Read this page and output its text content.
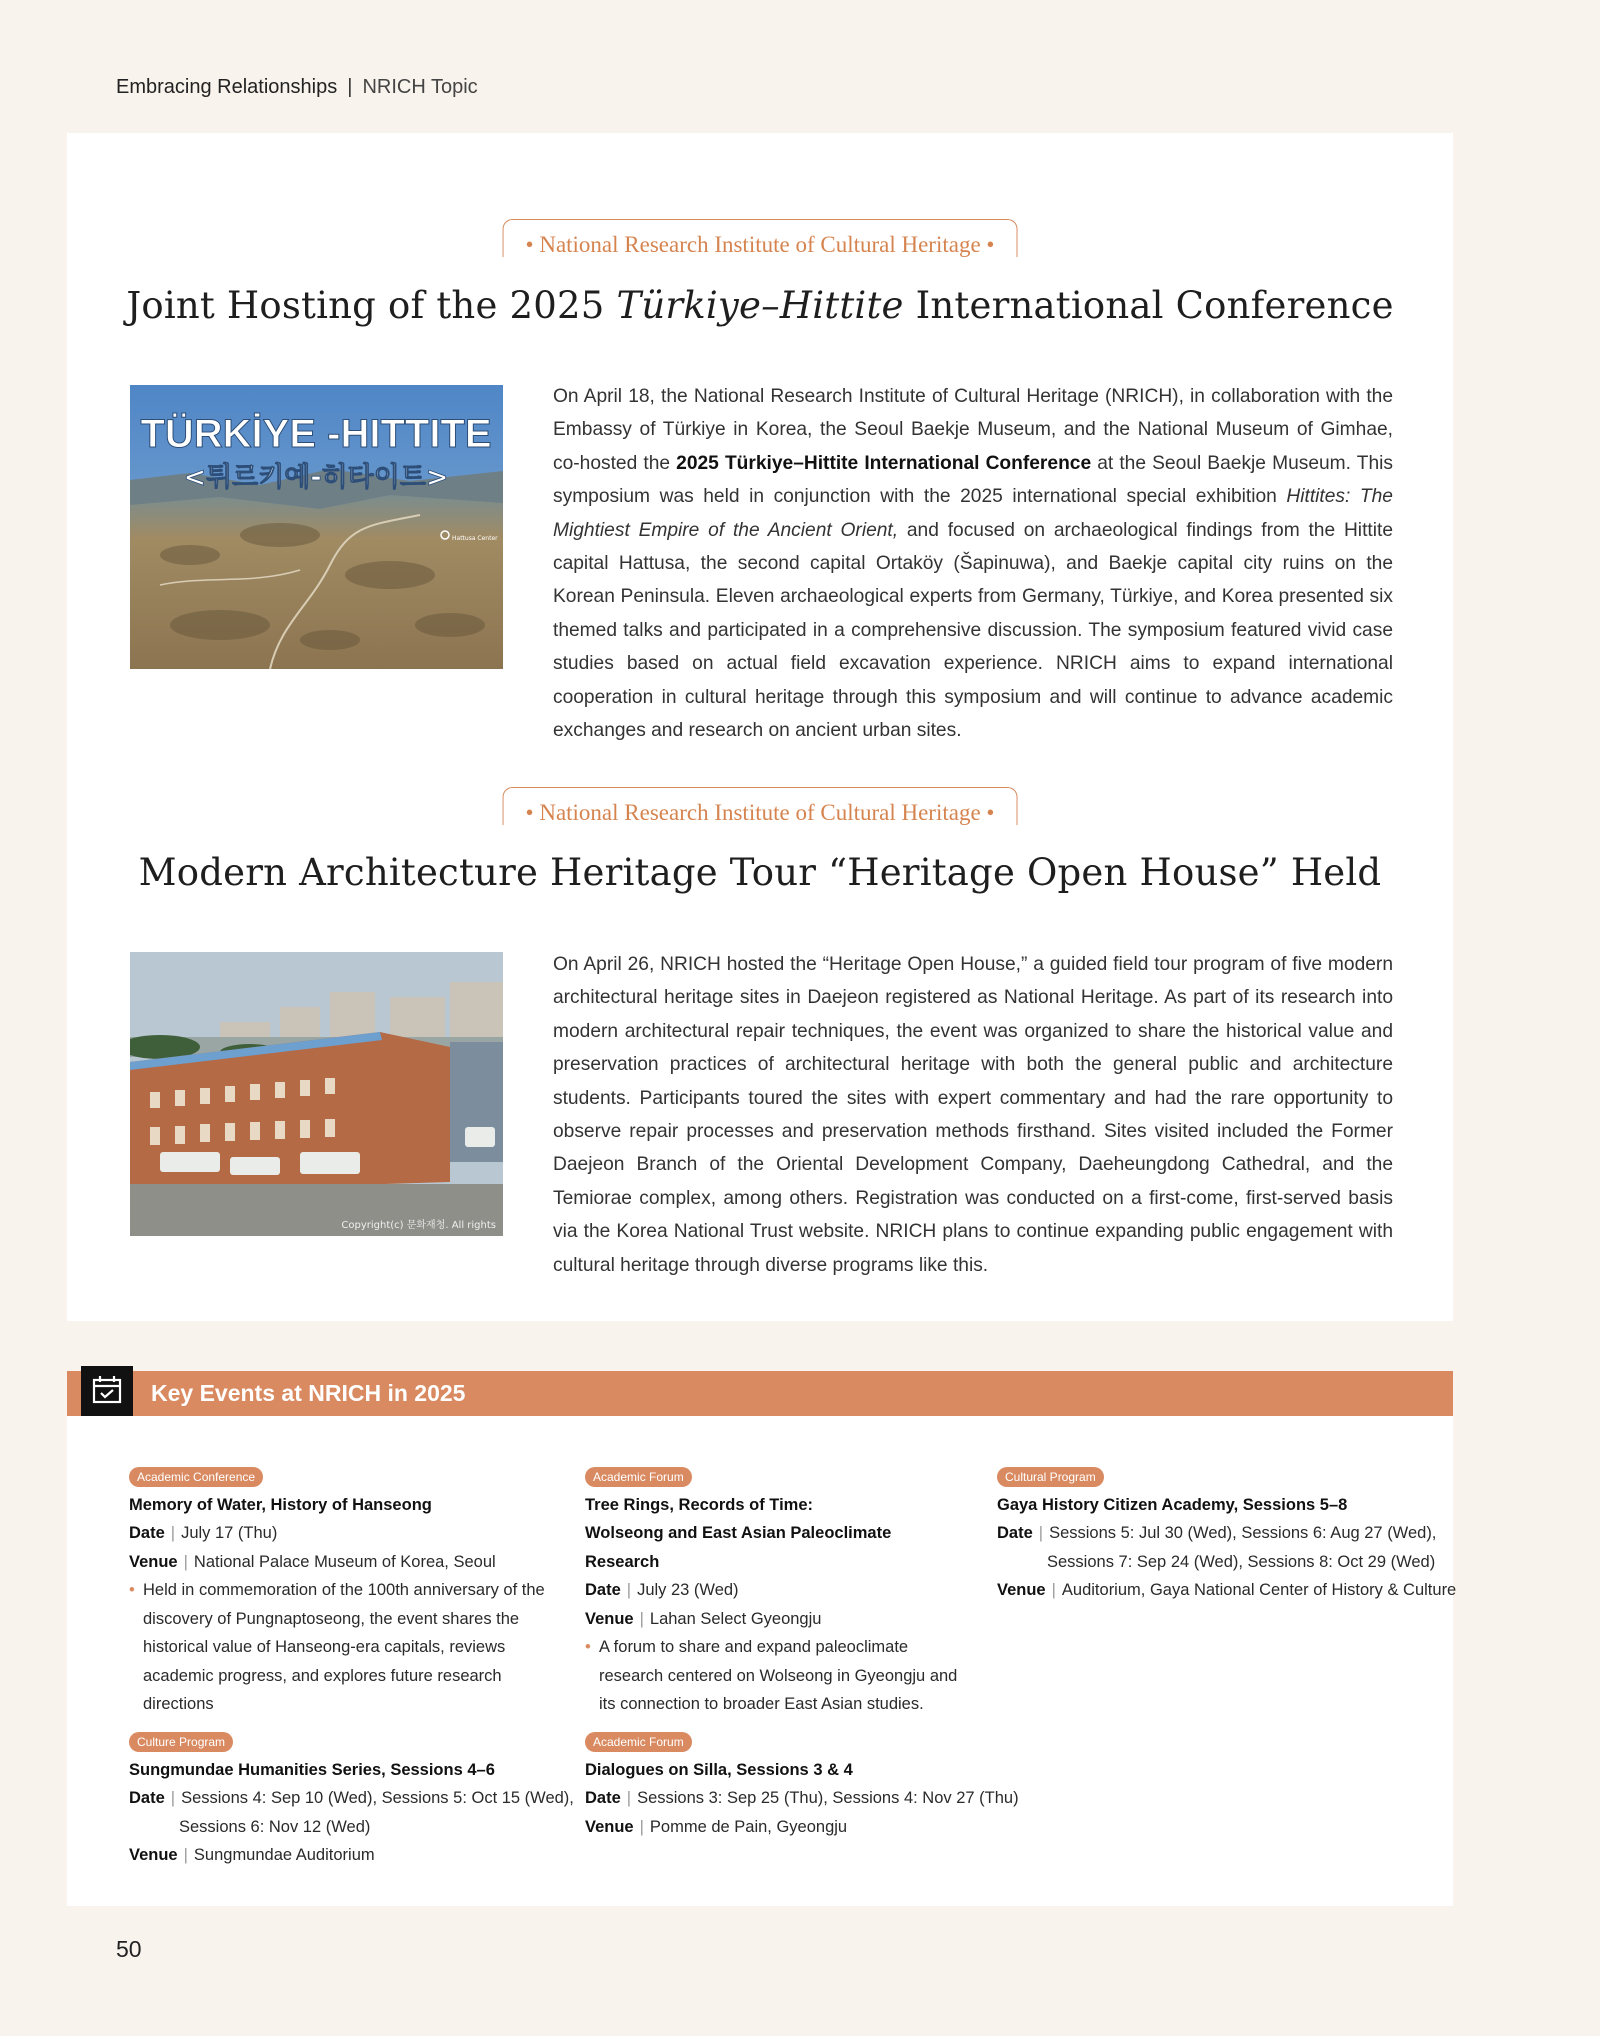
Embracing Relationships | NRICH Topic
• National Research Institute of Cultural Heritage •
Joint Hosting of the 2025 Türkiye–Hittite International Conference
TÜRKİYE -HITTITE
<튀르키예-히타이트>
Hattusa Center

On April 18, the National Research Institute of Cultural Heritage (NRICH), in collaboration with the Embassy of Türkiye in Korea, the Seoul Baekje Museum, and the National Museum of Gimhae, co-hosted the 2025 Türkiye–Hittite International Conference at the Seoul Baekje Museum. This symposium was held in conjunction with the 2025 international special exhibition Hittites: The Mightiest Empire of the Ancient Orient, and focused on archaeological findings from the Hittite capital Hattusa, the second capital Ortaköy (Šapinuwa), and Baekje capital city ruins on the Korean Peninsula. Eleven archaeological experts from Germany, Türkiye, and Korea presented six themed talks and participated in a comprehensive discussion. The symposium featured vivid case studies based on actual field excavation experience. NRICH aims to expand international cooperation in cultural heritage through this symposium and will continue to advance academic exchanges and research on ancient urban sites.

• National Research Institute of Cultural Heritage •
Modern Architecture Heritage Tour “Heritage Open House” Held
Copyright(c) 문화재청. All rights

On April 26, NRICH hosted the “Heritage Open House,” a guided field tour program of five modern architectural heritage sites in Daejeon registered as National Heritage. As part of its research into modern architectural repair techniques, the event was organized to share the historical value and preservation practices of architectural heritage with both the general public and architecture students. Participants toured the sites with expert commentary and had the rare opportunity to observe repair processes and preservation methods firsthand. Sites visited included the Former Daejeon Branch of the Oriental Development Company, Daeheungdong Cathedral, and the Temiorae complex, among others. Registration was conducted on a first-come, first-served basis via the Korea National Trust website. NRICH plans to continue expanding public engagement with cultural heritage through diverse programs like this.

Key Events at NRICH in 2025
Academic Conference
Memory of Water, History of Hanseong
Date | July 17 (Thu)
Venue | National Palace Museum of Korea, Seoul
• Held in commemoration of the 100th anniversary of the discovery of Pungnaptoseong, the event shares the historical value of Hanseong-era capitals, reviews academic progress, and explores future research directions
Academic Forum
Tree Rings, Records of Time:
Wolseong and East Asian Paleoclimate Research
Date | July 23 (Wed)
Venue | Lahan Select Gyeongju
• A forum to share and expand paleoclimate research centered on Wolseong in Gyeongju and its connection to broader East Asian studies.
Cultural Program
Gaya History Citizen Academy, Sessions 5–8
Date | Sessions 5: Jul 30 (Wed), Sessions 6: Aug 27 (Wed),
Sessions 7: Sep 24 (Wed), Sessions 8: Oct 29 (Wed)
Venue | Auditorium, Gaya National Center of History & Culture
Culture Program
Sungmundae Humanities Series, Sessions 4–6
Date | Sessions 4: Sep 10 (Wed), Sessions 5: Oct 15 (Wed),
Sessions 6: Nov 12 (Wed)
Venue | Sungmundae Auditorium
Academic Forum
Dialogues on Silla, Sessions 3 & 4
Date | Sessions 3: Sep 25 (Thu), Sessions 4: Nov 27 (Thu)
Venue | Pomme de Pain, Gyeongju
50
